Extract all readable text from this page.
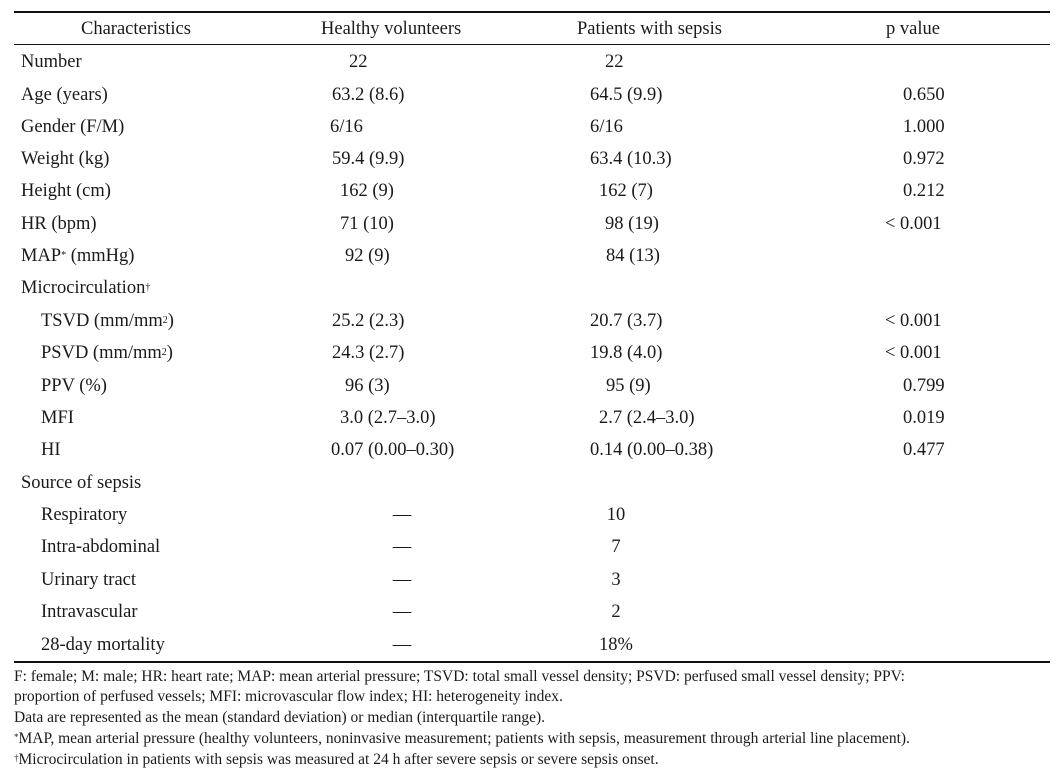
Characteristics	Healthy volunteers	Patients with sepsis	p value
Number	22	22
Age (years)	63.2 (8.6)	64.5 (9.9)	0.650
Gender (F/M)	6/16	6/16	1.000
Weight (kg)	59.4 (9.9)	63.4 (10.3)	0.972
Height (cm)	162 (9)	162 (7)	0.212
HR (bpm)	71 (10)	98 (19)	< 0.001
MAP* (mmHg)	92 (9)	84 (13)
Microcirculation†
TSVD $(mm/mm^2)$	25.2 (2.3)	20.7 (3.7)	< 0.001
PSVD $(mm/mm^2)$	24.3 (2.7)	19.8 (4.0)	< 0.001
PPV (%)	96 (3)	95 (9)	0.799
MFI	3.0 (2.7–3.0)	2.7 (2.4–3.0)	0.019
HI	0.07 (0.00–0.30)	0.14 (0.00–0.38)	0.477
Source of sepsis
Respiratory	—	10
Intra-abdominal	—	7
Urinary tract	—	3
Intravascular	—	2
28-day mortality	—	18%
F: female; M: male; HR: heart rate; MAP: mean arterial pressure; TSVD: total small vessel density; PSVD: perfused small vessel density; PPV:
proportion of perfused vessels; MFI: microvascular flow index; HI: heterogeneity index.
Data are represented as the mean (standard deviation) or median (interquartile range).
*MAP, mean arterial pressure (healthy volunteers, noninvasive measurement; patients with sepsis, measurement through arterial line placement).
†Microcirculation in patients with sepsis was measured at 24 h after severe sepsis or severe sepsis onset.
